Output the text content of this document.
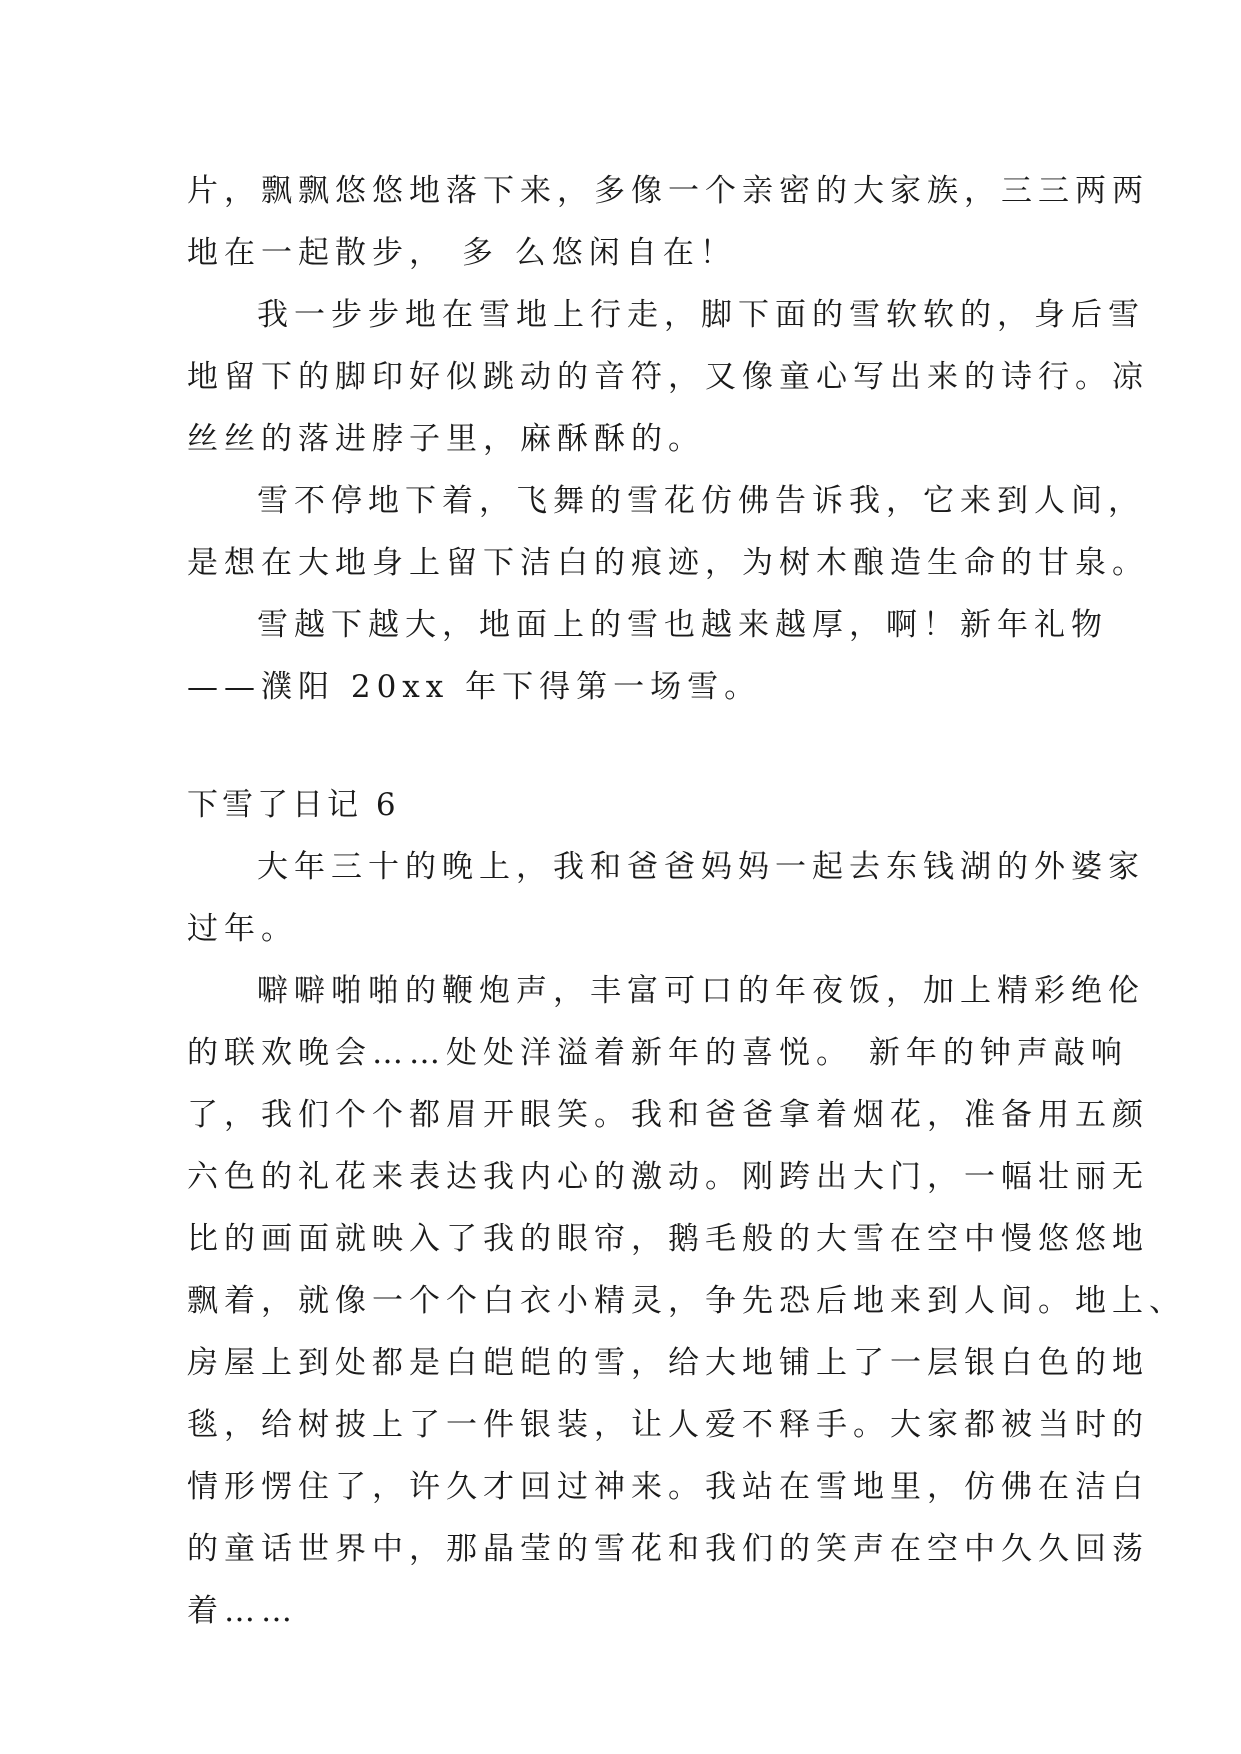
片，飘飘悠悠地落下来，多像一个亲密的大家族，三三两两
地在一起散步， 多 么悠闲自在！
我一步步地在雪地上行走，脚下面的雪软软的，身后雪
地留下的脚印好似跳动的音符，又像童心写出来的诗行。凉
丝丝的落进脖子里，麻酥酥的。
雪不停地下着，飞舞的雪花仿佛告诉我，它来到人间，
是想在大地身上留下洁白的痕迹，为树木酿造生命的甘泉。
雪越下越大，地面上的雪也越来越厚，啊！新年礼物
——濮阳 20xx 年下得第一场雪。
下雪了日记 6
大年三十的晚上，我和爸爸妈妈一起去东钱湖的外婆家
过年。
噼噼啪啪的鞭炮声，丰富可口的年夜饭，加上精彩绝伦
的联欢晚会……处处洋溢着新年的喜悦。 新年的钟声敲响
了，我们个个都眉开眼笑。我和爸爸拿着烟花，准备用五颜
六色的礼花来表达我内心的激动。刚跨出大门，一幅壮丽无
比的画面就映入了我的眼帘，鹅毛般的大雪在空中慢悠悠地
飘着，就像一个个白衣小精灵，争先恐后地来到人间。地上、
房屋上到处都是白皑皑的雪，给大地铺上了一层银白色的地
毯，给树披上了一件银装，让人爱不释手。大家都被当时的
情形愣住了，许久才回过神来。我站在雪地里，仿佛在洁白
的童话世界中，那晶莹的雪花和我们的笑声在空中久久回荡
着……
